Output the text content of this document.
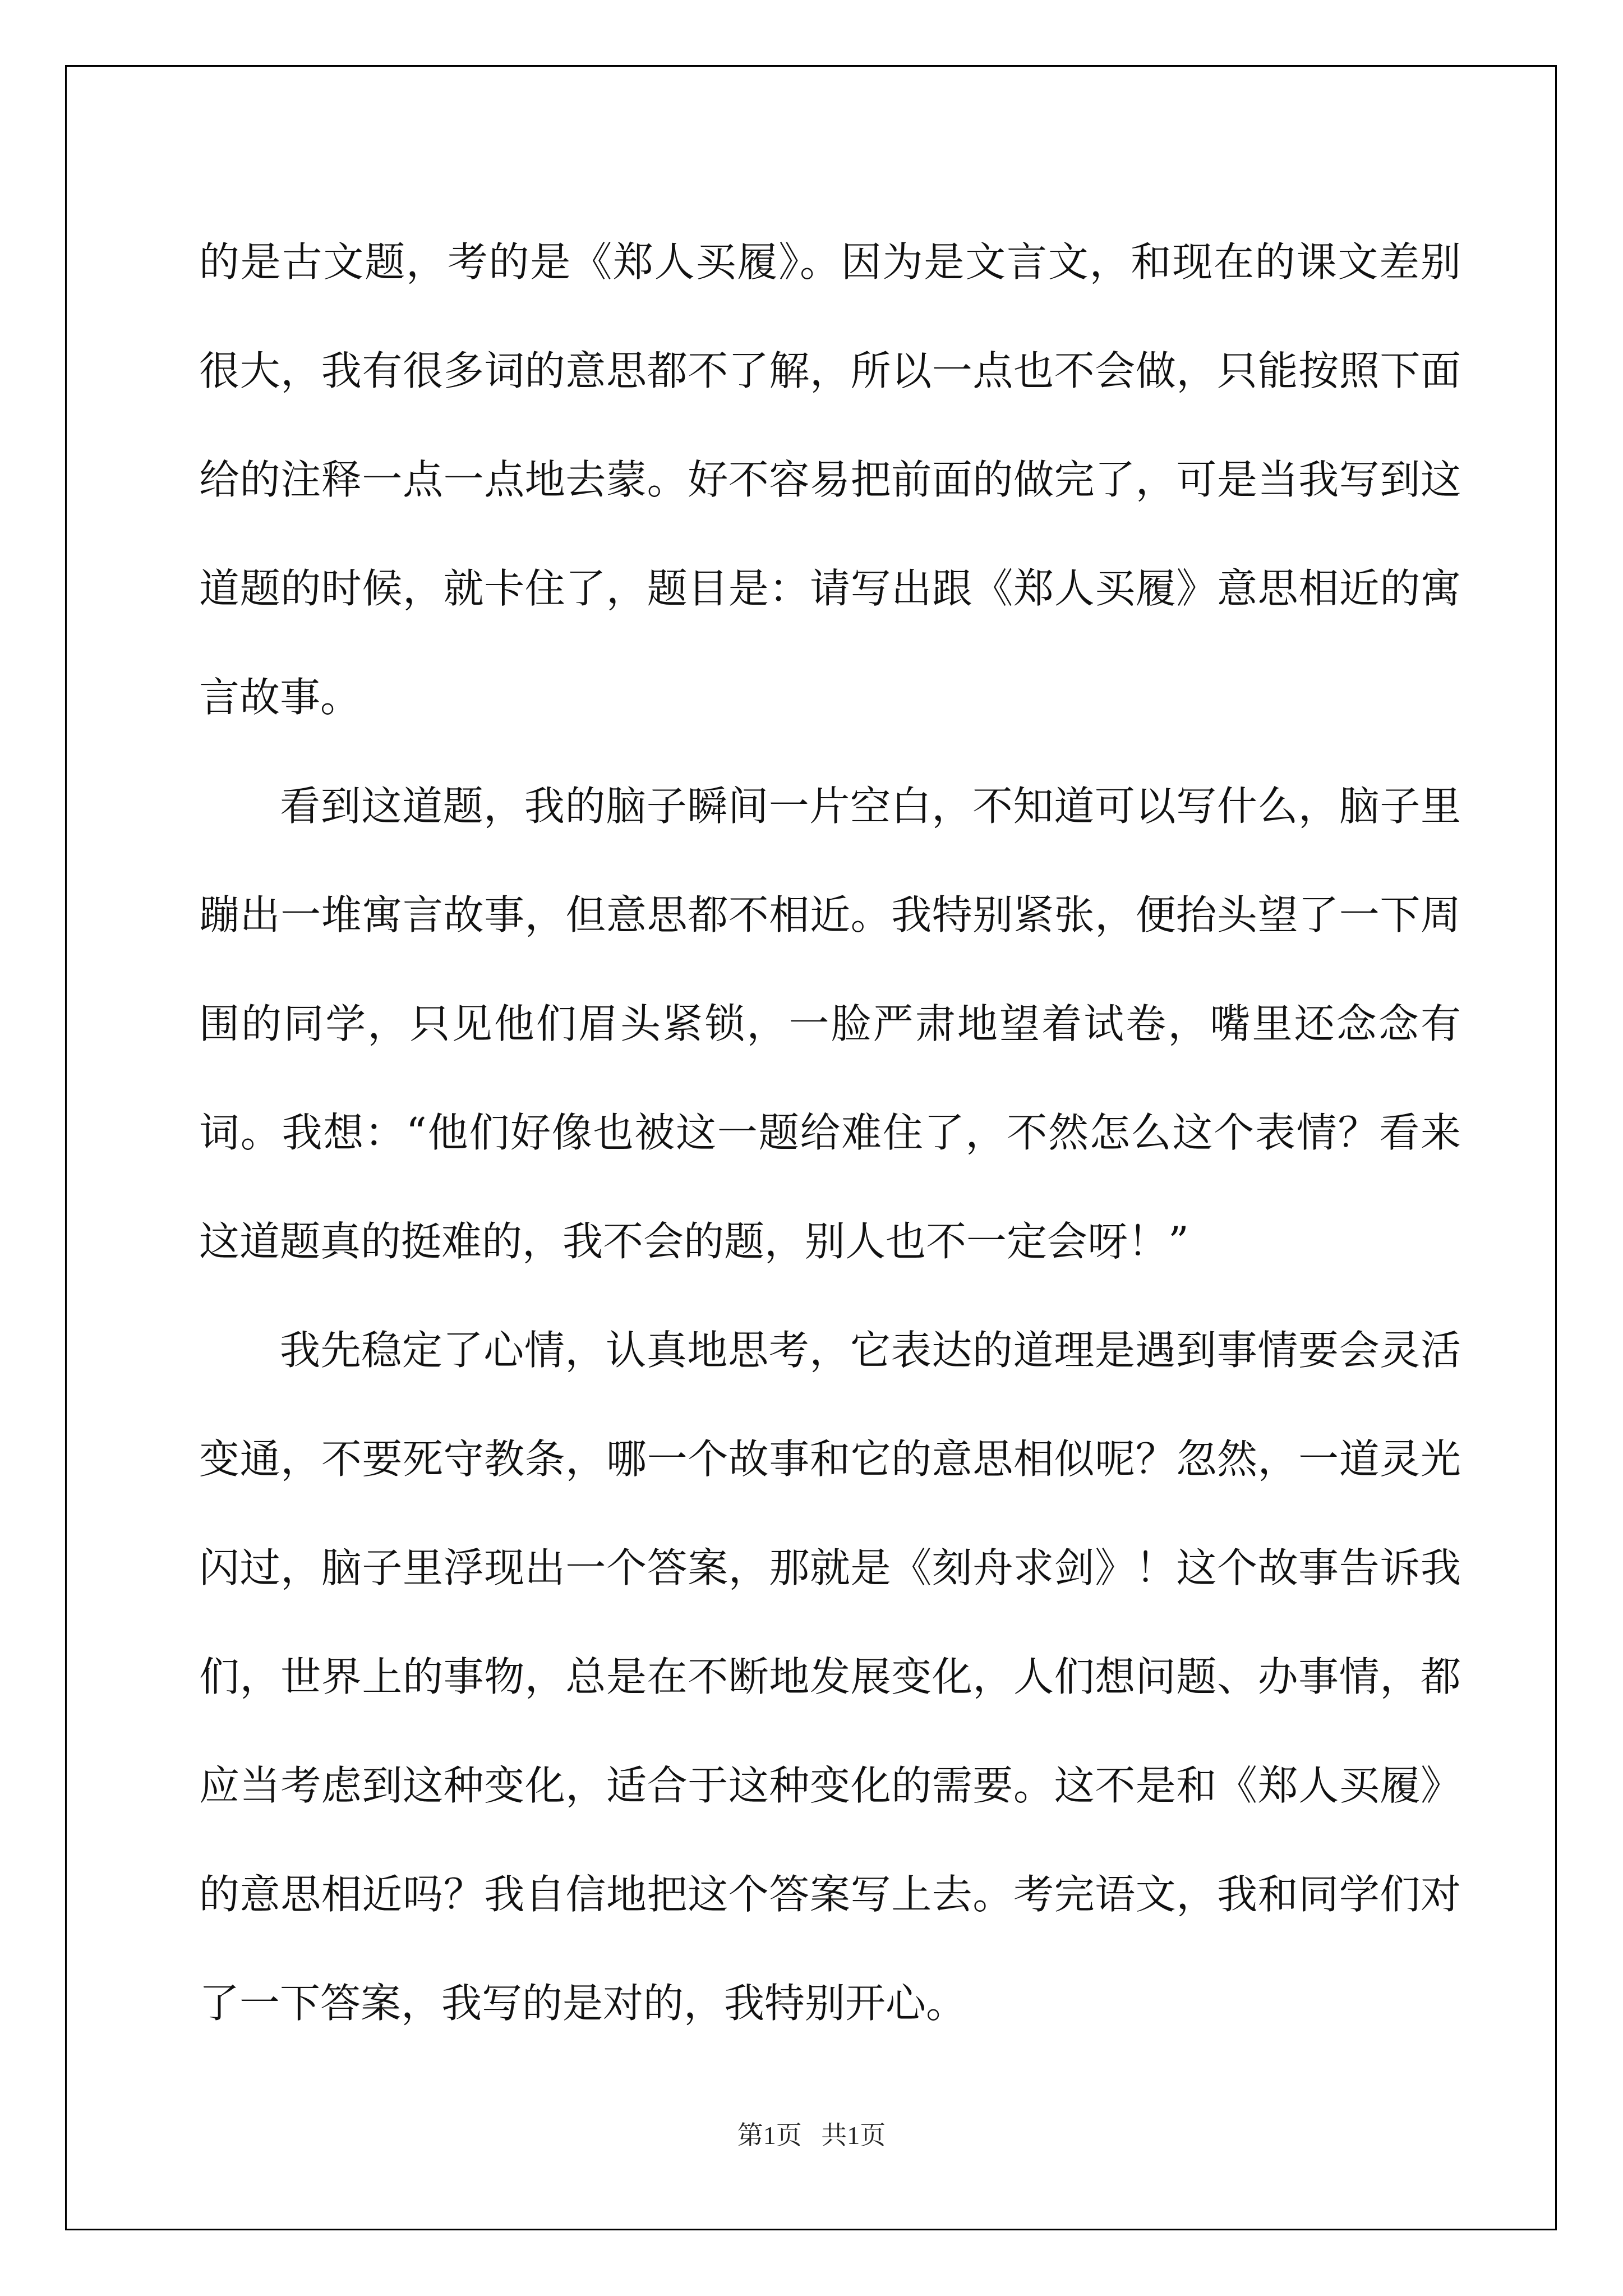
的是古文题，考的是《郑人买履》。因为是文言文，和现在的课文差别很大，我有很多词的意思都不了解，所以一点也不会做，只能按照下面给的注释一点一点地去蒙。好不容易把前面的做完了，可是当我写到这道题的时候，就卡住了，题目是：请写出跟《郑人买履》意思相近的寓言故事。

看到这道题，我的脑子瞬间一片空白，不知道可以写什么，脑子里蹦出一堆寓言故事，但意思都不相近。我特别紧张，便抬头望了一下周围的同学，只见他们眉头紧锁，一脸严肃地望着试卷，嘴里还念念有词。我想：“他们好像也被这一题给难住了，不然怎么这个表情？看来这道题真的挺难的，我不会的题，别人也不一定会呀！”

我先稳定了心情，认真地思考，它表达的道理是遇到事情要会灵活变通，不要死守教条，哪一个故事和它的意思相似呢？忽然，一道灵光闪过，脑子里浮现出一个答案，那就是《刻舟求剑》！这个故事告诉我们，世界上的事物，总是在不断地发展变化，人们想问题、办事情，都应当考虑到这种变化，适合于这种变化的需要。这不是和《郑人买履》的意思相近吗？我自信地把这个答案写上去。考完语文，我和同学们对了一下答案，我写的是对的，我特别开心。

第1页 共1页
